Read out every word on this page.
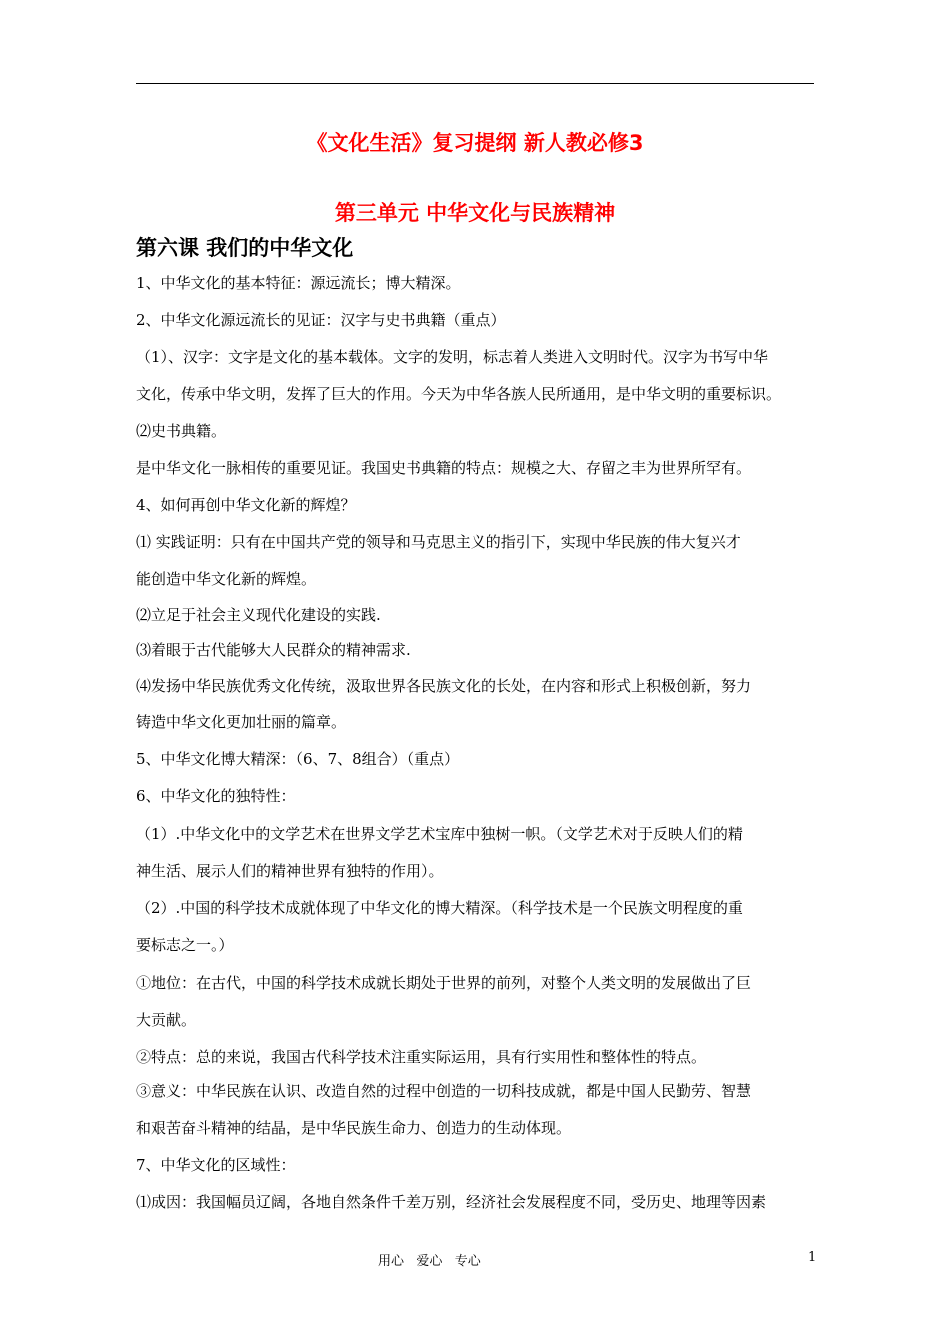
《文化生活》复习提纲 新人教必修3
第三单元 中华文化与民族精神
第六课 我们的中华文化
1、中华文化的基本特征：源远流长；博大精深。
2、中华文化源远流长的见证：汉字与史书典籍（重点）
（1）、汉字：文字是文化的基本载体。文字的发明，标志着人类进入文明时代。汉字为书写中华
文化，传承中华文明，发挥了巨大的作用。今天为中华各族人民所通用，是中华文明的重要标识。
⑵史书典籍。
是中华文化一脉相传的重要见证。我国史书典籍的特点：规模之大、存留之丰为世界所罕有。
4、如何再创中华文化新的辉煌？
⑴ 实践证明：只有在中国共产党的领导和马克思主义的指引下，实现中华民族的伟大复兴才
能创造中华文化新的辉煌。
⑵立足于社会主义现代化建设的实践.
⑶着眼于古代能够大人民群众的精神需求.
⑷发扬中华民族优秀文化传统，汲取世界各民族文化的长处，在内容和形式上积极创新，努力
铸造中华文化更加壮丽的篇章。
5、中华文化博大精深：（6、7、8组合）（重点）
6、中华文化的独特性：
（1）.中华文化中的文学艺术在世界文学艺术宝库中独树一帜。（文学艺术对于反映人们的精
神生活、展示人们的精神世界有独特的作用）。
（2）.中国的科学技术成就体现了中华文化的博大精深。（科学技术是一个民族文明程度的重
要标志之一。）
①地位：在古代，中国的科学技术成就长期处于世界的前列，对整个人类文明的发展做出了巨
大贡献。
②特点：总的来说，我国古代科学技术注重实际运用，具有行实用性和整体性的特点。
③意义：中华民族在认识、改造自然的过程中创造的一切科技成就，都是中国人民勤劳、智慧
和艰苦奋斗精神的结晶，是中华民族生命力、创造力的生动体现。
7、中华文化的区域性：
⑴成因：我国幅员辽阔，各地自然条件千差万别，经济社会发展程度不同，受历史、地理等因素
用心   爱心   专心	1
